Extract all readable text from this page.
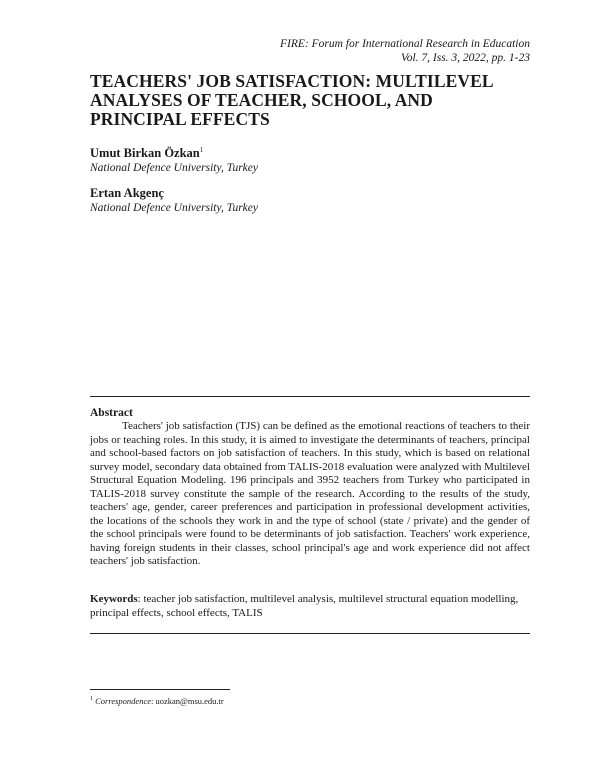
FIRE: Forum for International Research in Education
Vol. 7, Iss. 3, 2022, pp. 1-23
TEACHERS' JOB SATISFACTION: MULTILEVEL
ANALYSES OF TEACHER, SCHOOL, AND
PRINCIPAL EFFECTS
Umut Birkan Özkan$^1$
National Defence University, Turkey
Ertan Akgenç
National Defence University, Turkey
Abstract
Teachers' job satisfaction (TJS) can be defined as the emotional reactions of teachers to their jobs or teaching roles. In this study, it is aimed to investigate the determinants of teachers, principal and school-based factors on job satisfaction of teachers. In this study, which is based on relational survey model, secondary data obtained from TALIS-2018 evaluation were analyzed with Multilevel Structural Equation Modeling. 196 principals and 3952 teachers from Turkey who participated in TALIS-2018 survey constitute the sample of the research. According to the results of the study, teachers' age, gender, career preferences and participation in professional development activities, the locations of the schools they work in and the type of school (state / private) and the gender of the school principals were found to be determinants of job satisfaction. Teachers' work experience, having foreign students in their classes, school principal's age and work experience did not affect teachers' job satisfaction.
Keywords: teacher job satisfaction, multilevel analysis, multilevel structural equation modelling, principal effects, school effects, TALIS
$^1$ Correspondence: uozkan@msu.edu.tr
